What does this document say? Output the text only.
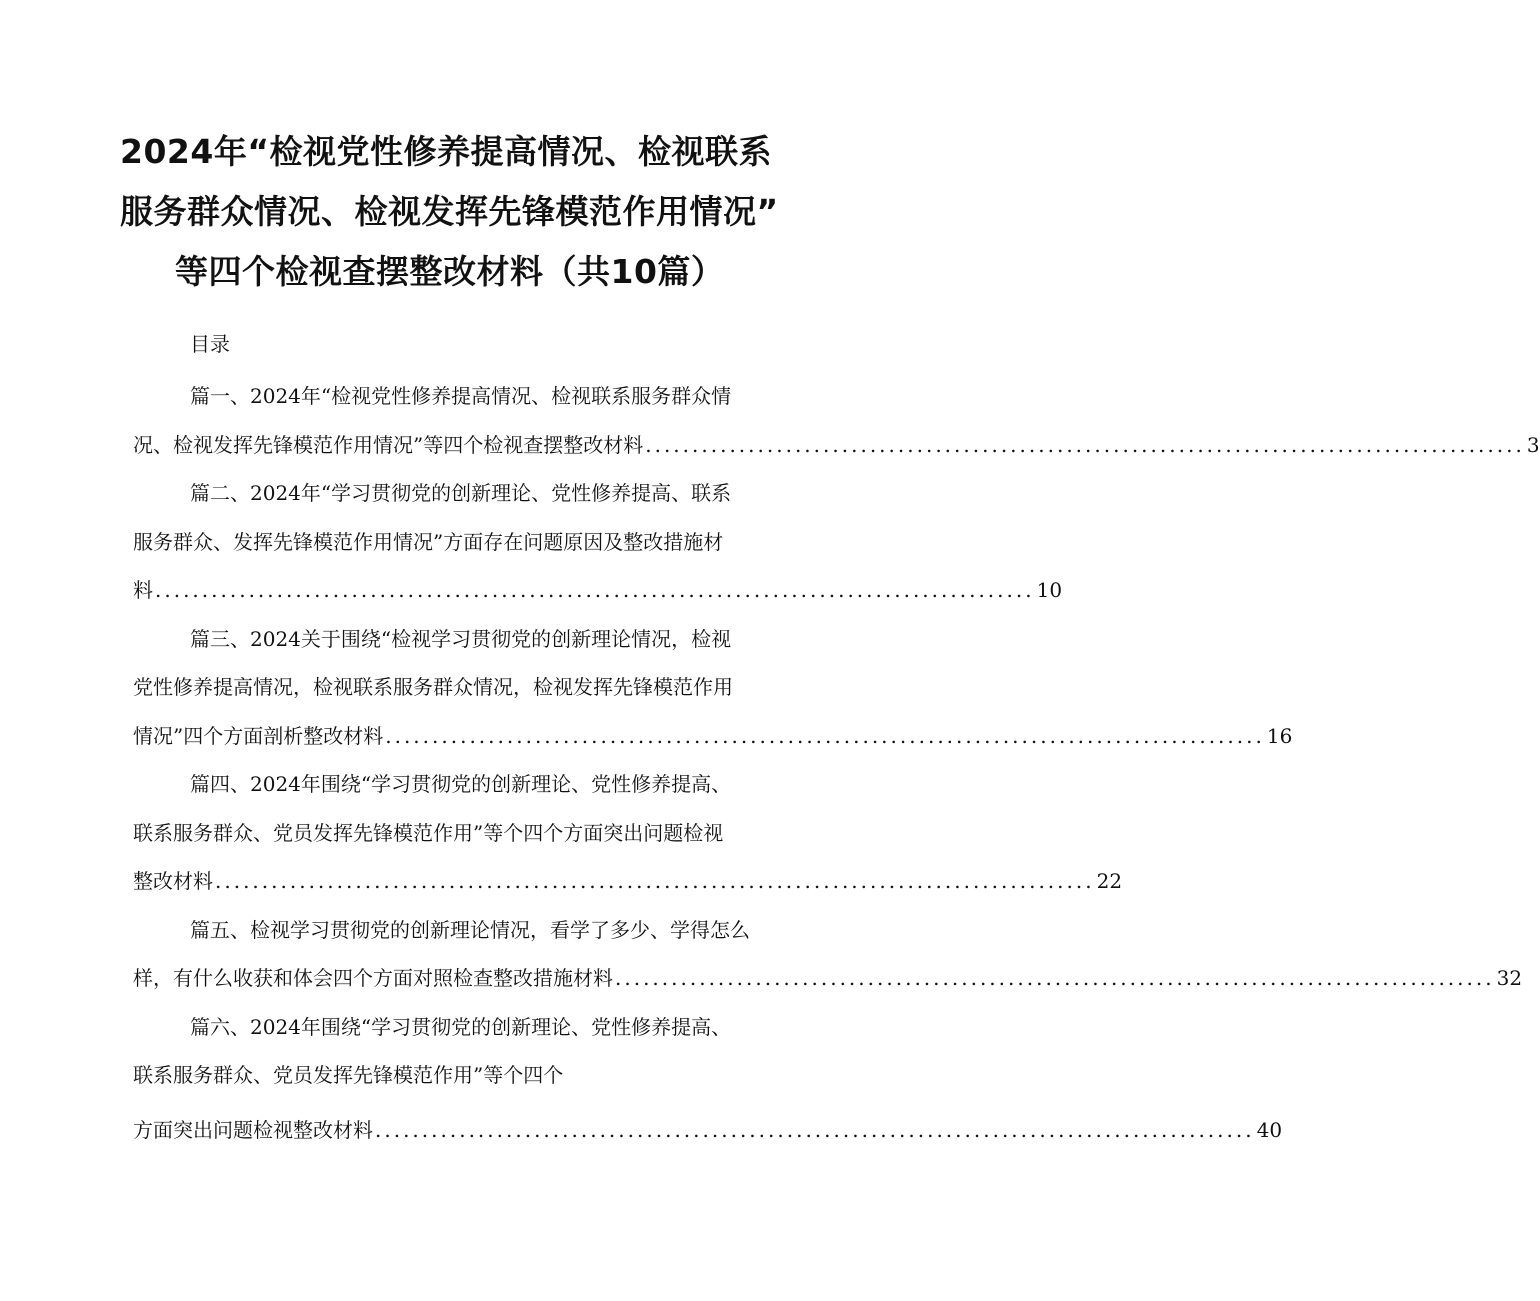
2024年“检视党性修养提高情况、检视联系
服务群众情况、检视发挥先锋模范作用情况”
等四个检视查摆整改材料（共10篇）
目录
篇一、2024年“检视党性修养提高情况、检视联系服务群众情
况、检视发挥先锋模范作用情况”等四个检视查摆整改材料 .............................................................................................. 3
篇二、2024年“学习贯彻党的创新理论、党性修养提高、联系
服务群众、发挥先锋模范作用情况”方面存在问题原因及整改措施材
料 .............................................................................................. 10
篇三、2024关于围绕“检视学习贯彻党的创新理论情况，检视
党性修养提高情况，检视联系服务群众情况，检视发挥先锋模范作用
情况”四个方面剖析整改材料 .............................................................................................. 16
篇四、2024年围绕“学习贯彻党的创新理论、党性修养提高、
联系服务群众、党员发挥先锋模范作用”等个四个方面突出问题检视
整改材料 .............................................................................................. 22
篇五、检视学习贯彻党的创新理论情况，看学了多少、学得怎么
样，有什么收获和体会四个方面对照检查整改措施材料 .............................................................................................. 32
篇六、2024年围绕“学习贯彻党的创新理论、党性修养提高、
联系服务群众、党员发挥先锋模范作用”等个四个
方面突出问题检视整改材料 .............................................................................................. 40
